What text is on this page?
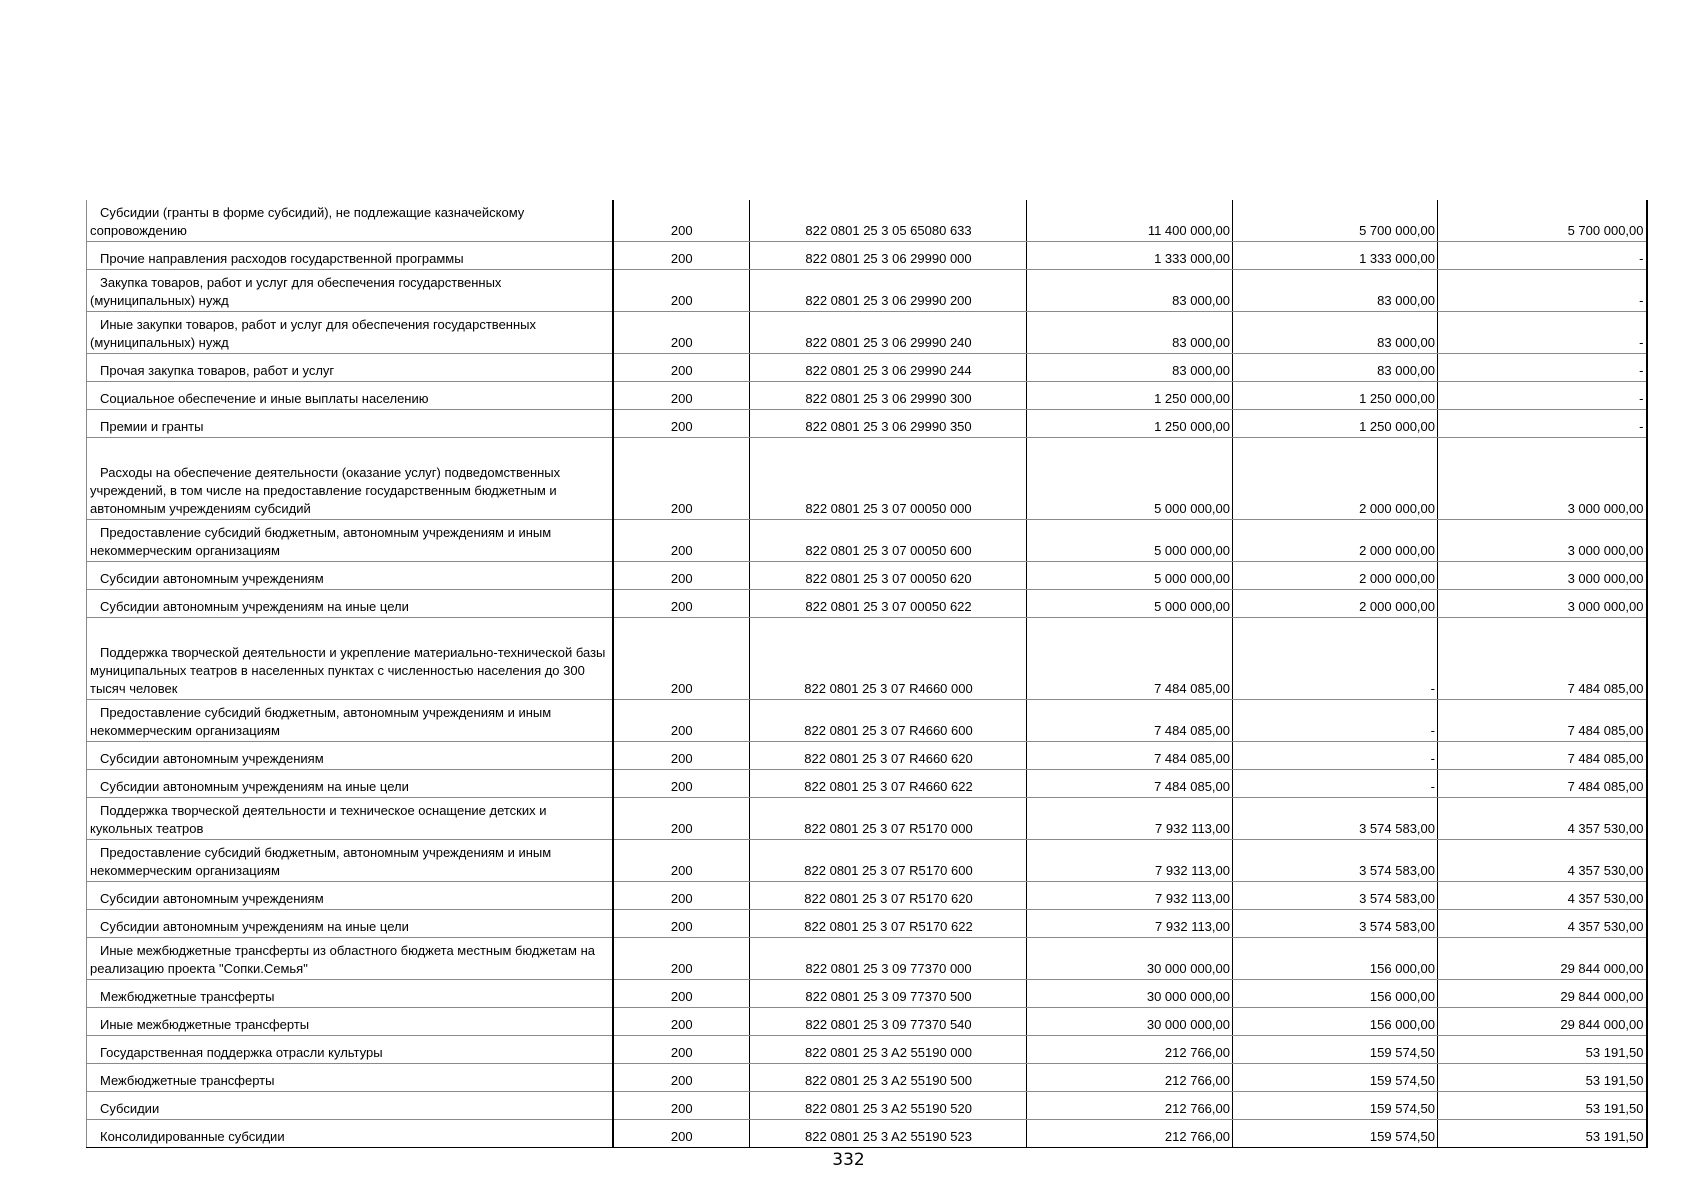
Субсидии (гранты в форме субсидий), не подлежащие казначейскому сопровождению	200	822 0801 25 3 05 65080 633	11 400 000,00	5 700 000,00	5 700 000,00
Прочие направления расходов государственной программы	200	822 0801 25 3 06 29990 000	1 333 000,00	1 333 000,00	-
Закупка товаров, работ и услуг для обеспечения государственных (муниципальных) нужд	200	822 0801 25 3 06 29990 200	83 000,00	83 000,00	-
Иные закупки товаров, работ и услуг для обеспечения государственных (муниципальных) нужд	200	822 0801 25 3 06 29990 240	83 000,00	83 000,00	-
Прочая закупка товаров, работ и услуг	200	822 0801 25 3 06 29990 244	83 000,00	83 000,00	-
Социальное обеспечение и иные выплаты населению	200	822 0801 25 3 06 29990 300	1 250 000,00	1 250 000,00	-
Премии и гранты	200	822 0801 25 3 06 29990 350	1 250 000,00	1 250 000,00	-
Расходы на обеспечение деятельности (оказание услуг) подведомственных учреждений, в том числе на предоставление государственным бюджетным и автономным учреждениям субсидий	200	822 0801 25 3 07 00050 000	5 000 000,00	2 000 000,00	3 000 000,00
Предоставление субсидий бюджетным, автономным учреждениям и иным некоммерческим организациям	200	822 0801 25 3 07 00050 600	5 000 000,00	2 000 000,00	3 000 000,00
Субсидии автономным учреждениям	200	822 0801 25 3 07 00050 620	5 000 000,00	2 000 000,00	3 000 000,00
Субсидии автономным учреждениям на иные цели	200	822 0801 25 3 07 00050 622	5 000 000,00	2 000 000,00	3 000 000,00
Поддержка творческой деятельности и укрепление материально-технической базы муниципальных театров в населенных пунктах с численностью населения до 300 тысяч человек	200	822 0801 25 3 07 R4660 000	7 484 085,00	-	7 484 085,00
Предоставление субсидий бюджетным, автономным учреждениям и иным некоммерческим организациям	200	822 0801 25 3 07 R4660 600	7 484 085,00	-	7 484 085,00
Субсидии автономным учреждениям	200	822 0801 25 3 07 R4660 620	7 484 085,00	-	7 484 085,00
Субсидии автономным учреждениям на иные цели	200	822 0801 25 3 07 R4660 622	7 484 085,00	-	7 484 085,00
Поддержка творческой деятельности и техническое оснащение детских и кукольных театров	200	822 0801 25 3 07 R5170 000	7 932 113,00	3 574 583,00	4 357 530,00
Предоставление субсидий бюджетным, автономным учреждениям и иным некоммерческим организациям	200	822 0801 25 3 07 R5170 600	7 932 113,00	3 574 583,00	4 357 530,00
Субсидии автономным учреждениям	200	822 0801 25 3 07 R5170 620	7 932 113,00	3 574 583,00	4 357 530,00
Субсидии автономным учреждениям на иные цели	200	822 0801 25 3 07 R5170 622	7 932 113,00	3 574 583,00	4 357 530,00
Иные межбюджетные трансферты из областного бюджета местным бюджетам на реализацию проекта "Сопки.Семья"	200	822 0801 25 3 09 77370 000	30 000 000,00	156 000,00	29 844 000,00
Межбюджетные трансферты	200	822 0801 25 3 09 77370 500	30 000 000,00	156 000,00	29 844 000,00
Иные межбюджетные трансферты	200	822 0801 25 3 09 77370 540	30 000 000,00	156 000,00	29 844 000,00
Государственная поддержка отрасли культуры	200	822 0801 25 3 A2 55190 000	212 766,00	159 574,50	53 191,50
Межбюджетные трансферты	200	822 0801 25 3 A2 55190 500	212 766,00	159 574,50	53 191,50
Субсидии	200	822 0801 25 3 A2 55190 520	212 766,00	159 574,50	53 191,50
Консолидированные субсидии	200	822 0801 25 3 A2 55190 523	212 766,00	159 574,50	53 191,50
332
